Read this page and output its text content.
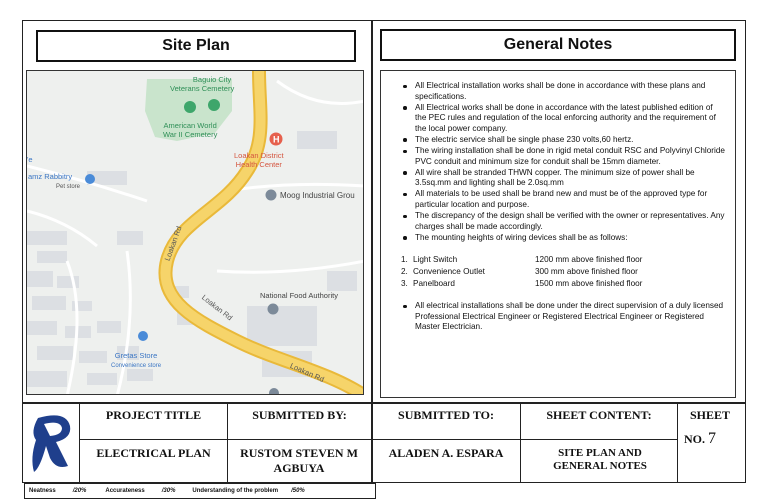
Site Plan	General Notes
H
Baguio City
Veterans Cemetery
American World
War II Cemetery
Loakan District
Health Center
Moog Industrial Grou
'e
amz Rabbitry
Pet store
National Food Authority
Gretas Store
Convenience store
Loakan Rd
Loakan Rd
Loakan Rd
All Electrical installation works shall be done in accordance with these plans and specifications.
All Electrical works shall be done in accordance with the latest published edition of the PEC rules and regulation of the local enforcing authority and the requirement of the local power company.
The electric service shall be single phase 230 volts,60 hertz.
The wiring installation shall be done in rigid metal conduit RSC and Polyvinyl Chloride PVC conduit and minimum size for conduit shall be 15mm diameter.
All wire shall be stranded THWN copper. The minimum size of power shall be 3.5sq.mm and lighting shall be 2.0sq.mm
All materials to be used shall be brand new and must be of the approved type for particular location and purpose.
The discrepancy of the design shall be verified with the owner or representatives. Any charges shall be made accordingly.
The mounting heights of wiring devices shall be as follows:
1. Light Switch	1200 mm above finished floor
2. Convenience Outlet	300 mm above finished floor
3. Panelboard	1500 mm above finished floor
All electrical installations shall be done under the direct supervision of a duly licensed Professional Electrical Engineer or Registered Electrical Engineer or Registered Master Electrician.
PROJECT TITLE
ELECTRICAL PLAN
SUBMITTED BY:
RUSTOM STEVEN M AGBUYA
SUBMITTED TO:
ALADEN A. ESPARA
SHEET CONTENT:
SITE PLAN AND GENERAL NOTES
SHEET
NO. 7
Neatness	/20%	Accurateness	/30%	Understanding of the problem /50%
